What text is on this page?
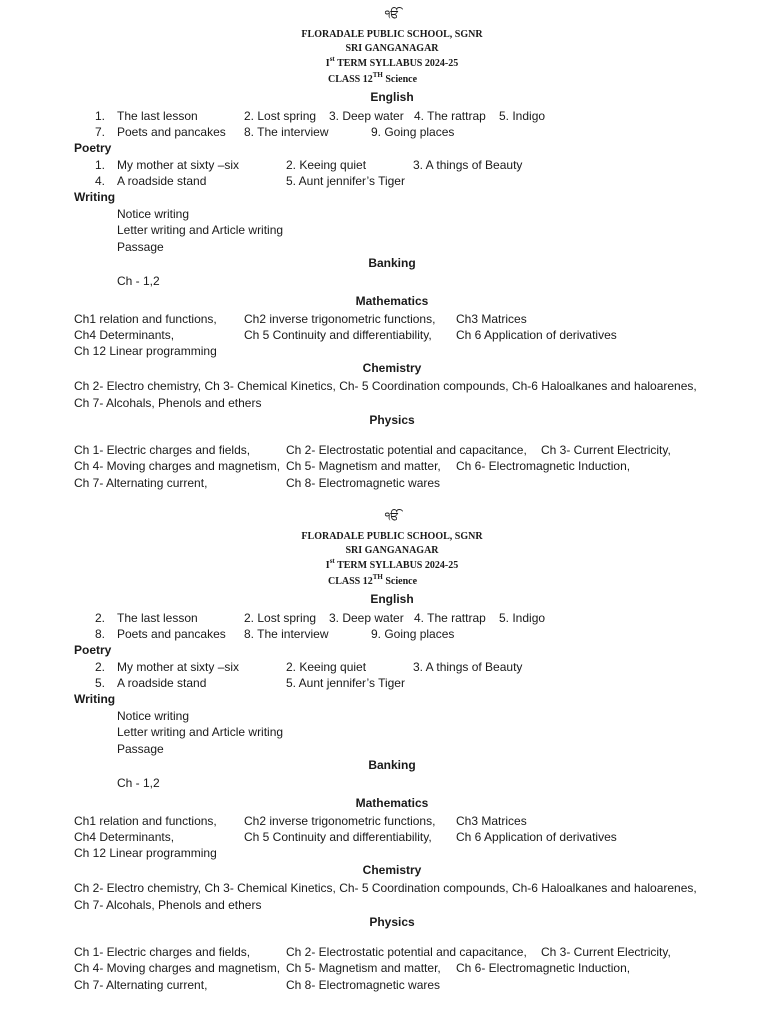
ੴ
FLORADALE PUBLIC SCHOOL, SGNR
SRI GANGANAGAR
Ist TERM SYLLABUS 2024-25
CLASS 12TH Science
English
1. The last lesson	2. Lost spring 3. Deep water 4. The rattrap 5. Indigo
7. Poets and pancakes 8. The interview	9. Going places
Poetry
1. My mother at sixty –six	2. Keeing quiet	3. A things of Beauty
4. A roadside stand	5. Aunt jennifer’s Tiger
Writing
Notice writing
Letter writing and Article writing
Passage
Banking
Ch - 1,2
Mathematics
Ch1 relation and functions, Ch2 inverse trigonometric functions, Ch3 Matrices
Ch4 Determinants,	Ch 5 Continuity and differentiability, Ch 6 Application of derivatives
Ch 12 Linear programming
Chemistry
Ch 2- Electro chemistry, Ch 3- Chemical Kinetics, Ch- 5 Coordination compounds, Ch-6 Haloalkanes and haloarenes,
Ch 7- Alcohals, Phenols and ethers
Physics
Ch 1- Electric charges and fields,	Ch 2- Electrostatic potential and capacitance, Ch 3- Current Electricity,
Ch 4- Moving charges and magnetism, Ch 5- Magnetism and matter, Ch 6- Electromagnetic Induction,
Ch 7- Alternating current,	Ch 8- Electromagnetic wares
ੴ
FLORADALE PUBLIC SCHOOL, SGNR
SRI GANGANAGAR
Ist TERM SYLLABUS 2024-25
CLASS 12TH Science
English
2. The last lesson	2. Lost spring 3. Deep water 4. The rattrap 5. Indigo
8. Poets and pancakes 8. The interview	9. Going places
Poetry
2. My mother at sixty –six	2. Keeing quiet	3. A things of Beauty
5. A roadside stand	5. Aunt jennifer’s Tiger
Writing
Notice writing
Letter writing and Article writing
Passage
Banking
Ch - 1,2
Mathematics
Ch1 relation and functions, Ch2 inverse trigonometric functions, Ch3 Matrices
Ch4 Determinants,	Ch 5 Continuity and differentiability, Ch 6 Application of derivatives
Ch 12 Linear programming
Chemistry
Ch 2- Electro chemistry, Ch 3- Chemical Kinetics, Ch- 5 Coordination compounds, Ch-6 Haloalkanes and haloarenes,
Ch 7- Alcohals, Phenols and ethers
Physics
Ch 1- Electric charges and fields,	Ch 2- Electrostatic potential and capacitance, Ch 3- Current Electricity,
Ch 4- Moving charges and magnetism, Ch 5- Magnetism and matter, Ch 6- Electromagnetic Induction,
Ch 7- Alternating current,	Ch 8- Electromagnetic wares
